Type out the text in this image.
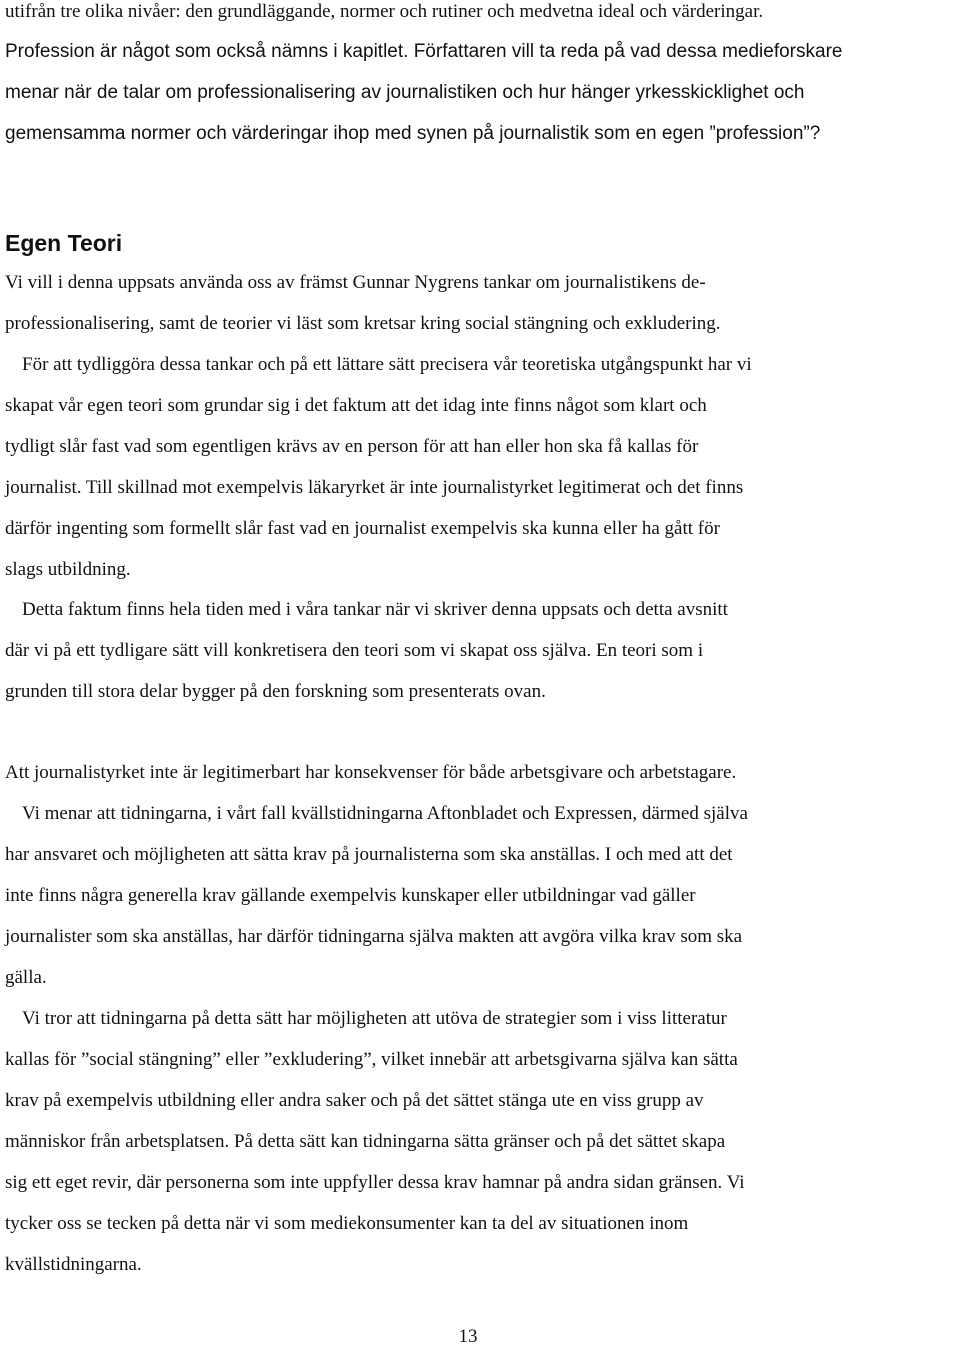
utifrån tre olika nivåer: den grundläggande, normer och rutiner och medvetna ideal och värderingar.
Profession är något som också nämns i kapitlet. Författaren vill ta reda på vad dessa medieforskare
menar när de talar om professionalisering av journalistiken och hur hänger yrkesskicklighet och
gemensamma normer och värderingar ihop med synen på journalistik som en egen ”profession”?
Egen Teori
Vi vill i denna uppsats använda oss av främst Gunnar Nygrens tankar om journalistikens de-
professionalisering, samt de teorier vi läst som kretsar kring social stängning och exkludering.
För att tydliggöra dessa tankar och på ett lättare sätt precisera vår teoretiska utgångspunkt har vi
skapat vår egen teori som grundar sig i det faktum att det idag inte finns något som klart och
tydligt slår fast vad som egentligen krävs av en person för att han eller hon ska få kallas för
journalist. Till skillnad mot exempelvis läkaryrket är inte journalistyrket legitimerat och det finns
därför ingenting som formellt slår fast vad en journalist exempelvis ska kunna eller ha gått för
slags utbildning.
Detta faktum finns hela tiden med i våra tankar när vi skriver denna uppsats och detta avsnitt
där vi på ett tydligare sätt vill konkretisera den teori som vi skapat oss själva. En teori som i
grunden till stora delar bygger på den forskning som presenterats ovan.
Att journalistyrket inte är legitimerbart har konsekvenser för både arbetsgivare och arbetstagare.
Vi menar att tidningarna, i vårt fall kvällstidningarna Aftonbladet och Expressen, därmed själva
har ansvaret och möjligheten att sätta krav på journalisterna som ska anställas. I och med att det
inte finns några generella krav gällande exempelvis kunskaper eller utbildningar vad gäller
journalister som ska anställas, har därför tidningarna själva makten att avgöra vilka krav som ska
gälla.
Vi tror att tidningarna på detta sätt har möjligheten att utöva de strategier som i viss litteratur
kallas för ”social stängning” eller ”exkludering”, vilket innebär att arbetsgivarna själva kan sätta
krav på exempelvis utbildning eller andra saker och på det sättet stänga ute en viss grupp av
människor från arbetsplatsen. På detta sätt kan tidningarna sätta gränser och på det sättet skapa
sig ett eget revir, där personerna som inte uppfyller dessa krav hamnar på andra sidan gränsen. Vi
tycker oss se tecken på detta när vi som mediekonsumenter kan ta del av situationen inom
kvällstidningarna.
13
